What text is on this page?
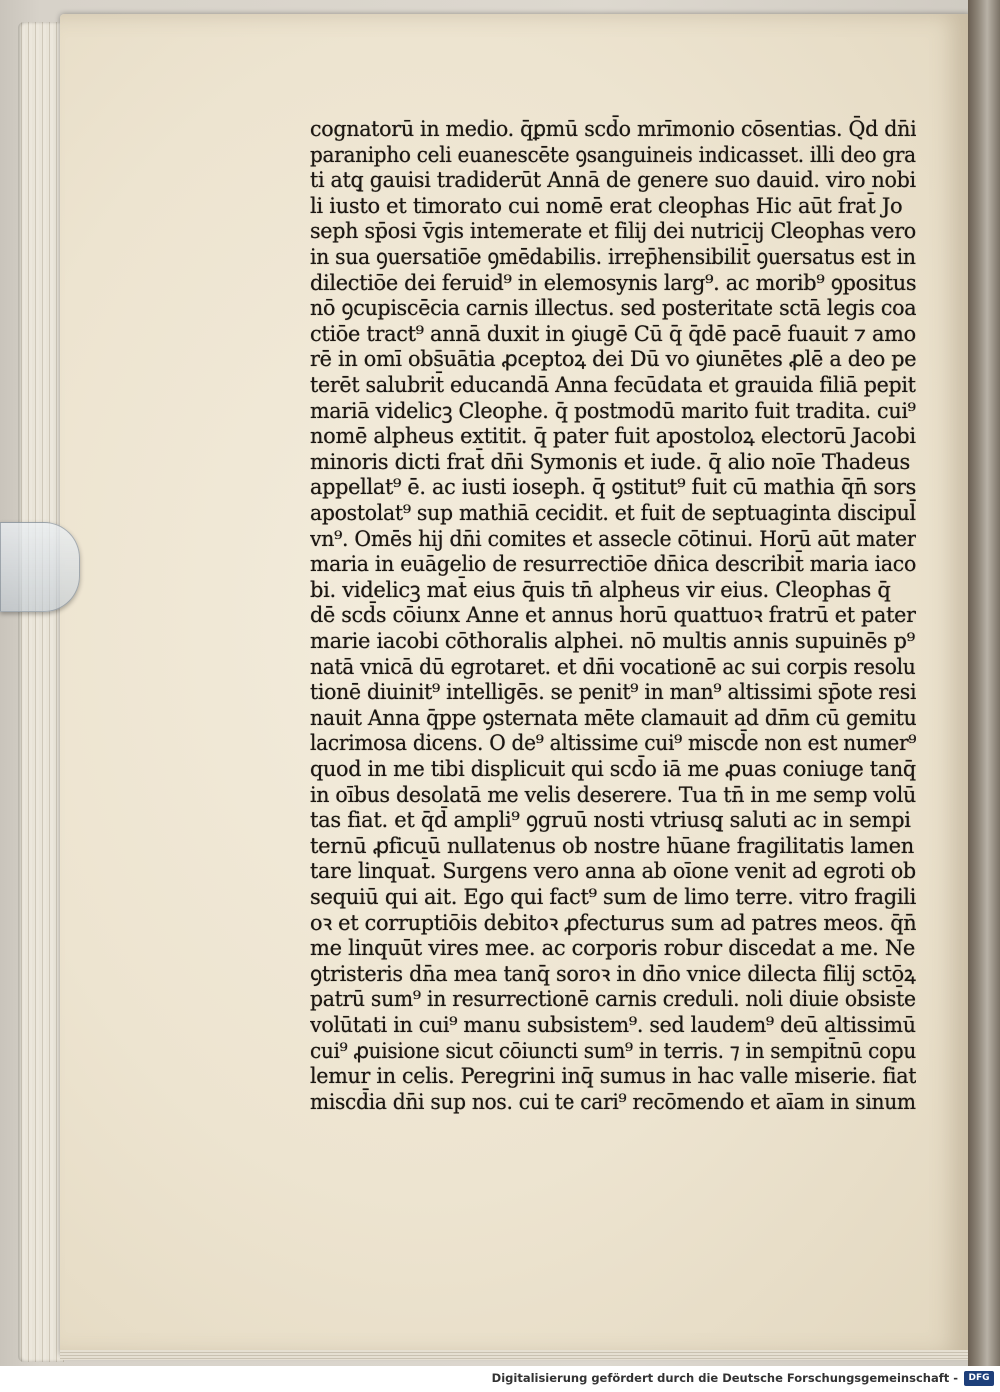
cognatorū in medio. q̄ꝑmū scd̄o mrīmonio cōsentias. Q̄d dn̄i
paranipho celi euanescēte ꝯsanguineis indicasset. illi deo gra
ti atq̧ gauisi tradiderūt Annā de genere suo dauid. viro nobi
li iusto et timorato cui nomē erat cleophas Hic aūt frat̄ Jo
seph sp̄osi v̄gis intemerate et filij dei nutricij Cleophas vero
in sua ꝯuersatiōe ꝯmēdabilis. irrep̄hensibilit̄ ꝯuersatus est in
dilectiōe dei feruid⁹ in elemosynis larg⁹. ac morib⁹ ꝯpositus
nō ꝯcupiscēcia carnis illectus. sed posteritate sctā legis coa
ctiōe tract⁹ annā duxit in ꝯiugē Cū q̄ q̄dē pacē fuauit ⁊ amo
rē in omī obs̄uātia ꝓceptoꝝ dei Dū vo ꝯiunētes ꝓlē a deo pe
terēt salubrit̄ educandā Anna fecūdata et grauida filiā pepit
mariā videlicꝫ Cleophe. q̄ postmodū marito fuit tradita. cui⁹
nomē alpheus extitit. q̄ pater fuit apostoloꝝ electorū Jacobi
minoris dicti frat̄ dn̄i Symonis et iude. q̄ alio noīe Thadeus
appellat⁹ ē. ac iusti ioseph. q̄ ꝯstitut⁹ fuit cū mathia q̄n̄ sors
apostolat⁹ sup mathiā cecidit. et fuit de septuaginta discipul̄
vn⁹. Omēs hij dn̄i comites et assecle cōtinui. Horū aūt mater
maria in euāgelio de resurrectiōe dn̄ica describit̄ maria iaco
bi. videlicꝫ mat̄ eius q̄uis tn̄ alpheus vir eius. Cleophas q̄
dē scd̄s cōiunx Anne et annus horū quattuoꝛ fratrū et pater
marie iacobi cōthoralis alphei. nō multis annis supuinēs p⁹
natā vnicā dū egrotaret. et dn̄i vocationē ac sui corpis resolu
tionē diuinit⁹ intelligēs. se penit⁹ in man⁹ altissimi sp̄ote resi
nauit Anna q̄ppe ꝯsternata mēte clamauit ad dn̄m cū gemitu
lacrimosa dicens. O de⁹ altissime cui⁹ miscd̄e non est numer⁹
quod in me tibi displicuit qui scd̄o iā me ꝓuas coniuge tanq̄
in oībus desolatā me velis deserere. Tua tn̄ in me semp volū
tas fiat. et q̄d̄ ampli⁹ ꝯgruū nosti vtriusq̧ saluti ac in sempi
ternū ꝓficuū nullatenus ob nostre hūane fragilitatis lamen
tare linquat̄. Surgens vero anna ab oīone venit ad egroti ob
sequiū qui ait. Ego qui fact⁹ sum de limo terre. vitro fragili
oꝛ et corruptiōis debitoꝛ ꝓfecturus sum ad patres meos. q̄n̄
me linquūt vires mee. ac corporis robur discedat a me. Ne
ꝯtristeris dn̄a mea tanq̄ soroꝛ in dn̄o vnice dilecta filij sctōꝝ
patrū sum⁹ in resurrectionē carnis creduli. noli diuie obsist̄e
volūtati in cui⁹ manu subsistem⁹. sed laudem⁹ deū altissimū
cui⁹ ꝓuisione sicut cōiuncti sum⁹ in terris. ⁊ in sempit̄nū copu
lemur in celis. Peregrini inq̄ sumus in hac valle miserie. fiat
miscd̄ia dn̄i sup nos. cui te cari⁹ recōmendo et aīam in sinum
Digitalisierung gefördert durch die Deutsche Forschungsgemeinschaft -	DFG
